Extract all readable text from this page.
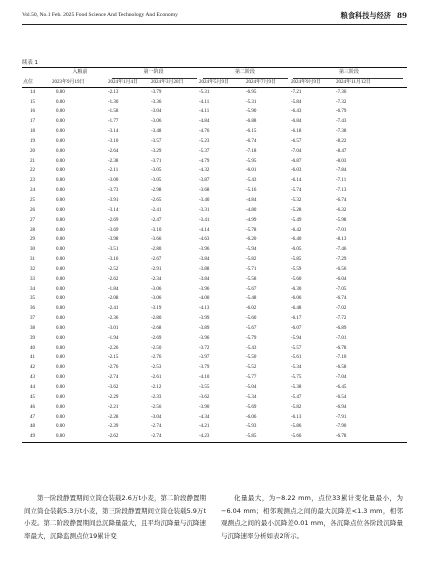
Vol.50, No.1 Feb. 2025 Food Science And Technology And Economy	粮食科技与经济 89
续表 1
入粮前	第一阶段	第二阶段	第三阶段
点位	2023年9月19日	2024年1月4日	2024年3月20日	2024年5月9日	2024年7月9日	2024年9月9日	2024年11月12日
14	0.00	-2.13	-3.79	-5.31	-6.95	-7.21	-7.36
15	0.00	-1.30	-3.36	-4.11	-5.31	-5.84	-7.32
16	0.00	-1.58	-3.04	-4.11	-5.90	-6.43	-6.79
17	0.00	-1.77	-3.06	-4.84	-6.88	-6.84	-7.43
18	0.00	-3.14	-3.48	-4.76	-6.15	-6.18	-7.38
19	0.00	-3.10	-3.57	-5.23	-6.74	-6.57	-8.22
20	0.00	-2.64	-3.29	-5.37	-7.18	-7.04	-8.47
21	0.00	-2.38	-3.71	-4.79	-5.95	-6.87	-8.03
22	0.00	-2.11	-3.05	-4.32	-6.01	-6.03	-7.84
23	0.00	-3.00	-3.05	-3.87	-5.43	-6.14	-7.11
24	0.00	-3.73	-2.98	-3.68	-5.16	-5.74	-7.13
25	0.00	-3.91	-2.65	-3.40	-4.84	-5.32	-6.74
26	0.00	-3.14	-2.41	-3.31	-4.80	-5.28	-6.32
27	0.00	-2.69	-2.47	-3.41	-4.99	-5.49	-5.98
28	0.00	-3.69	-3.10	-4.14	-5.78	-6.42	-7.01
29	0.00	-3.98	-3.66	-4.63	-6.20	-6.40	-8.13
30	0.00	-3.51	-2.80	-3.96	-5.94	-6.05	-7.46
31	0.00	-3.16	-2.67	-3.84	-5.82	-5.85	-7.29
32	0.00	-2.52	-2.91	-3.88	-5.71	-5.59	-6.56
33	0.00	-2.62	-2.34	-3.84	-5.58	-5.60	-6.04
34	0.00	-1.84	-3.06	-3.96	-5.67	-6.30	-7.05
35	0.00	-2.08	-3.06	-4.00	-5.48	-6.06	-6.74
36	0.00	-2.41	-3.19	-4.13	-6.02	-6.48	-7.02
37	0.00	-2.36	-2.80	-3.99	-5.60	-6.17	-7.72
38	0.00	-3.01	-2.68	-3.89	-5.67	-6.07	-6.89
39	0.00	-1.94	-2.69	-3.96	-5.79	-5.94	-7.01
40	0.00	-2.26	-2.50	-3.72	-5.43	-5.57	-6.78
41	0.00	-2.15	-2.76	-3.97	-5.50	-5.61	-7.10
42	0.00	-2.76	-2.53	-3.79	-5.52	-5.34	-6.58
43	0.00	-2.74	-2.61	-4.10	-5.77	-5.75	-7.04
44	0.00	-3.62	-2.12	-3.55	-5.04	-5.38	-6.45
45	0.00	-2.29	-2.33	-3.62	-5.34	-5.47	-6.54
46	0.00	-2.21	-2.56	-3.90	-5.69	-5.82	-6.94
47	0.00	-2.28	-3.04	-4.34	-6.06	-6.13	-7.91
48	0.00	-2.39	-2.74	-4.21	-5.93	-5.86	-7.90
49	0.00	-2.62	-2.74	-4.23	-5.85	-5.66	-6.78

第一阶段静置期间立筒仓装载2.6万t小麦，第二阶段静置期间立筒仓装载5.3万t小麦，第三阶段静置期间立筒仓装载5.9万t小麦。第二阶段静置期间总沉降量最大，且平均沉降量与沉降速率最大，沉降监测点位19累计变

化量最大，为−8.22 mm，点位33累计变化量最小，为−6.04 mm；相邻观测点之间的最大沉降差<1.3 mm，相邻观测点之间的最小沉降差0.01 mm，各沉降点位各阶段沉降量与沉降速率分析如表2所示。
